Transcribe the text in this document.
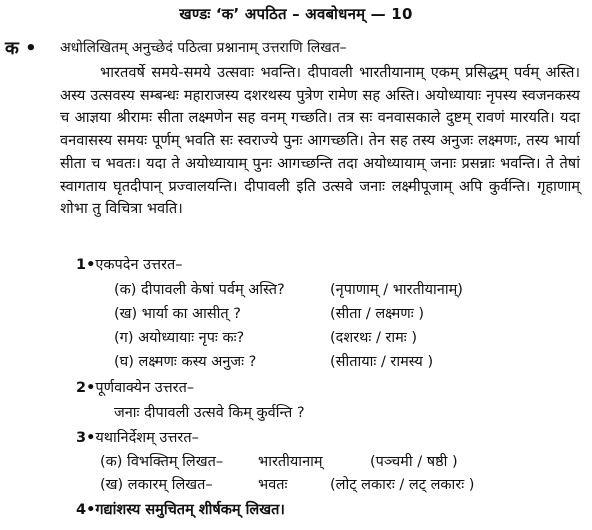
खण्डः ‘क’ अपठित – अवबोधनम् — 10
क • अधोलिखितम् अनुच्छेदं पठित्वा प्रश्नानाम् उत्तराणि लिखत–
भारतवर्षे समये-समये उत्सवाः भवन्ति। दीपावली भारतीयानाम् एकम् प्रसिद्धम् पर्वम् अस्ति। अस्य उत्सवस्य सम्बन्धः महाराजस्य दशरथस्य पुत्रेण रामेण सह अस्ति। अयोध्यायाः नृपस्य स्वजनकस्य च आज्ञया श्रीरामः सीता लक्ष्मणेन सह वनम् गच्छति। तत्र सः वनवासकाले दुष्टम् रावणं मारयति। यदा वनवासस्य समयः पूर्णम् भवति सः स्वराज्ये पुनः आगच्छति। तेन सह तस्य अनुजः लक्ष्मणः, तस्य भार्या सीता च भवतः। यदा ते अयोध्यायाम् पुनः आगच्छन्ति तदा अयोध्यायाम् जनाः प्रसन्नाः भवन्ति। ते तेषां स्वागताय घृतदीपान् प्रज्वालयन्ति। दीपावली इति उत्सवे जनाः लक्ष्मीपूजाम् अपि कुर्वन्ति। गृहाणाम् शोभा तु विचित्रा भवति।
1•एकपदेन उत्तरत–
(क) दीपावली केषां पर्वम् अस्ति?	(नृपाणाम् / भारतीयानाम्)
(ख) भार्या का आसीत् ?	(सीता / लक्ष्मणः )
(ग) अयोध्यायाः नृपः कः?	(दशरथः / रामः )
(घ) लक्ष्मणः कस्य अनुजः ?	(सीतायाः / रामस्य )
2•पूर्णवाक्येन उत्तरत–
जनाः दीपावली उत्सवे किम् कुर्वन्ति ?
3•यथानिर्देशम् उत्तरत–
(क) विभक्तिम् लिखत– भारतीयानाम्	(पञ्चमी / षष्ठी )
(ख) लकारम् लिखत–	भवतः	(लोट् लकारः / लट् लकारः )
4•गद्यांशस्य समुचितम् शीर्षकम् लिखत।
